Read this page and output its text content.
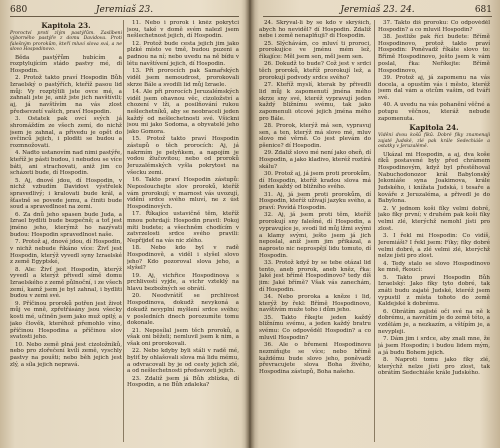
680	Jeremiaš 23.
Kapitola 23.
Proroctví proti zlým pastýřům. Zaslíbení výborného pastýře z domu Davidova. Proti falešným prorokům, kteří mluví slova svá, a ne slovo Hospodinovo.

Běda pastýřům hubícím a rozptylujícím stádo pastvy mé, dí Hospodin.

2. Protož takto praví Hospodin Bůh Izraelský o pastýřích, kteříž pasou lid můj: Vy rozptýlili jste ovce mé, a zahnali jste je, aniž jste jich navštívili; aj, já navštívím na vás zlost předsevzetí vašich, praví Hospodin.

3. Ostatek pak ovcí svých já shromáždím ze všech zemí, do nichž jsem je zahnal, a přivedu je opět do ovčinců jejich, i ploditi se budou a rozmnožovati.

4. Nadto ustanovím nad nimi pastýře, kteříž je pásti budou, i nebudou se více báti, ani strachovati, aniž jim co scházeti bude, dí Hospodin.

5. Aj, dnové jdou, dí Hospodin, v nichž vzbudím Davidovi výstřelek spravedlivý; i kralovati bude král, a šťastně se povede jemu, a činiti bude soud a spravedlnost na zemi.

6. Za dnů jeho spasen bude Juda, a Izrael bydliti bude bezpečně; a toť jest jméno jeho, kterýmž ho nazývati budou: Hospodin spravedlnost naše.

7. Protož aj, dnové jdou, dí Hospodin, v nichž nebude říkáno více: Živť jest Hospodin, kterýž vyvedl syny Izraelské z země Egyptské,

8. Ale: Živť jest Hospodin, kterýž vyvedl a kterýž přivedl símě domu Izraelského z země půlnoční, i ze všech zemí, kamž jsem je byl zahnal, i bydliti budou v zemi své.

9. Příčinou proroků potřen jest život můj ve mně, zpřetřásány jsou všecky kosti mé, učiněn jsem jako muž opilý, a jako člověk, kteréhož přemohlo víno, příčinou Hospodina a příčinou slov svatosti jeho.

10. Nebo země plná jest cizoložníků, nebo pro zlořečení kvílí země, vyschly pastvy na poušti; nebo běh jejich jest zlý, a síla jejich nepravá.

11. Nebo i prorok i kněz pokrytci jsou, také v domě svém nalezl jsem nešlechetnost jejich, dí Hospodin.

12. Protož bude cesta jejich jim jako plzké místo ve tmě, budou puzeni a padnou na ní; nebo uvedu na ně bídu v létu navštívení jejich, dí Hospodin.

13. Při prorocích pak Samařských viděl jsem nemoudrost, prorokovali skrze Bále a svodili lid můj Izraele.

14. Ale při prorocích Jeruzalémských viděl jsem ohavnou věc, cizoložství a chození v lži, a posilňování rukou nešlechetníků, aby se neobraceli jeden každý od nešlechetnosti své. Všickni jsou mi jako Sodoma, a obyvatelé jeho jako Gomora.

15. Protož takto praví Hospodin zástupů o těch prorocích: Aj, já nakrmím je pelyňkem, a napojím je vodou žlučovitou; nebo od proroků Jeruzalémských vyšla pokrytost na všecku zemi.

16. Takto praví Hospodin zástupů: Neposlouchejte slov proroků, kteříž vám prorokují; v marnost vás uvozují, vidění srdce svého mluví, ne z úst Hospodinových.

17. Říkajíce ustavičně těm, kteříž mnou pohrdají: Hospodin pravil: Pokoj míti budete; a všechněm chodícím v zatvrzelosti srdce svého pravili: Nepřijdeť na vás nic zlého.

18. Nebo kdo byl v radě Hospodinově, a viděl i slyšel slovo jeho? Kdo pozoroval slova jeho, a slyšel?

19. Aj, vichřice Hospodinova s prchlivostí vyjde, a vichr vzteklý na hlavu bezbožných se obrátí.

20. Neodvrátíť se prchlivost Hospodinova, dokudž nevykoná a dokudž nevyplní myšlení srdce svého; v posledních dnech porozumíte tomu dokonale.

21. Neposílal jsem těch proroků, a však oni běželi; nemluvil jsem k nim, a však oni prorokovali.

22. Nebo kdyby byli stáli v radě mé, byliť by ohlašovali slova má lidu mému, a odvracovali by je od cesty jejich zlé, a od nešlechetnosti předsevzetí jejich.

23. Zdaliž jsem já Bůh zblízka, dí Hospodin, a ne Bůh zdaleka?

Jeremiaš 23. 24.	681

24. Skrýval-li by se kdo v skrýších, abych ho neviděl? dí Hospodin. Zdaliž nebe i země nenaplňuji? dí Hospodin.

25. Slýchávám, co mluví ti proroci, prorokujíce ve jménu mém lež, říkajíce: Měl jsem sen, měl jsem sen.

26. Dokudž to bude? Což jest v srdci těch proroků, kteříž prorokují lež, a prorokují podvody srdce svého?

27. Kteříž myslí, kterak by přivedli lid můj k zapomenutí jména mého skrze sny své, kteréž vypravují jeden každý bližnímu svému, tak jako zapomenuli otcové jejich jména mého pro Bále.

28. Prorok, kterýž má sen, vypravuj sen, a ten, kterýž má slovo mé, mluv slovo mé věrně. Co jest plevám do pšenice? dí Hospodin.

29. Zdaliž slovo mé není jako oheň, dí Hospodin, a jako kladivo, kteréž roztírá skálu?

30. Protož aj, já jsem proti prorokům, dí Hospodin, kteříž kradou slova má jeden každý od bližního svého.

31. Aj, já jsem proti prorokům, dí Hospodin, kteříž užívají jazyku svého, a praví: Povídá Hospodin.

32. Aj, já jsem proti těm, kteříž prorokují sny falešné, dí Hospodin, a vypravujíce je, svodí lid můj lžmi svými a klamy svými, ješto jsem já jich neposlal, aniž jsem jim přikázal, a naprosto nic neprospějí lidu tomuto, dí Hospodin.

33. Protož když by se tebe otázal lid tento, aneb prorok, aneb kněz, řka: Jaké jest břímě Hospodinovo? tedy díš jim: Jaké břímě? Však vás zanechám, dí Hospodin.

34. Nebo proroka a kněze i lid, kterýž by řekl: Břímě Hospodinovo, navštívím muže toho i dům jeho.

35. Takto říkejte jeden každý bližnímu svému, a jeden každý bratru svému: Co odpověděl Hospodin? a co mluvil Hospodin?

36. Ale o břemeni Hospodinovu nezmiňujte se více; nebo břímě každému bude slovo jeho, poněvadž převracujete slova Boha živého, Hospodina zástupů, Boha našeho.

37. Takto díš proroku: Co odpověděl Hospodin? a co mluvil Hospodin?

38. Jestliže pak říci budete: Břímě Hospodinovo, protož takto praví Hospodin: Poněvadž říkáte slovo to: Břímě Hospodinovo, ješto jsem k vám poslal, řka: Neříkejte: Břímě Hospodinovo,

39. Protož aj, já zapomenu na vás docela, a opustím vás i město, kteréž jsem dal vám a otcům vašim, od tváři své.

40. A uvedu na vás pohanění věčné a potupu věčnou, kteráž nebude zapomenuta.

Kapitola 24.
Vidění dvou košů fíků. Dobré fíky znamenají zajaté Judské, zlé pak krále Sedechiáše a ostatky v Jeruzalémě.

Ukázal mi Hospodin, a aj, dva koše fíků postavené byly před chrámem Hospodinovým, když byl přestěhoval Nabuchodonozor král Babylonský Jekoniáše syna Joakimova, krále Judského, i knížata Judská, i tesaře a kováře z Jeruzaléma, a přivedl je do Babylona.

2. V jednom koši fíky velmi dobré, jako fíky první; v druhém pak koši fíky velmi zlé, kterýchž nemohl jísti pro zlost.

3. I řekl mi Hospodin: Co vidíš, Jeremiáši? I řekl jsem: Fíky; fíky dobré velmi dobré, a zlé velmi zlé, kterýchž nelze jísti pro zlost.

4. Tedy stalo se slovo Hospodinovo ke mně, řkoucí:

5. Takto praví Hospodin Bůh Izraelský: Jako fíky tyto dobré, tak znáti budu zajaté Judské, kteréž jsem vypustil z místa tohoto do země Kaldejské k dobrému.

6. Obrátím zajisté oči své na ně k dobrému, a navrátím je do země této, a vzdělám je, a nezkazím, a vštípím je, a nevypleji.

7. Dám jim i srdce, aby znali mne, že já jsem Hospodin; i budou lidem mým, a já budu Bohem jejich.

8. Naproti tomu jako fíky zlé, kterýchž nelze jísti pro zlost, tak obrátím Sedechiáše krále Judského.
